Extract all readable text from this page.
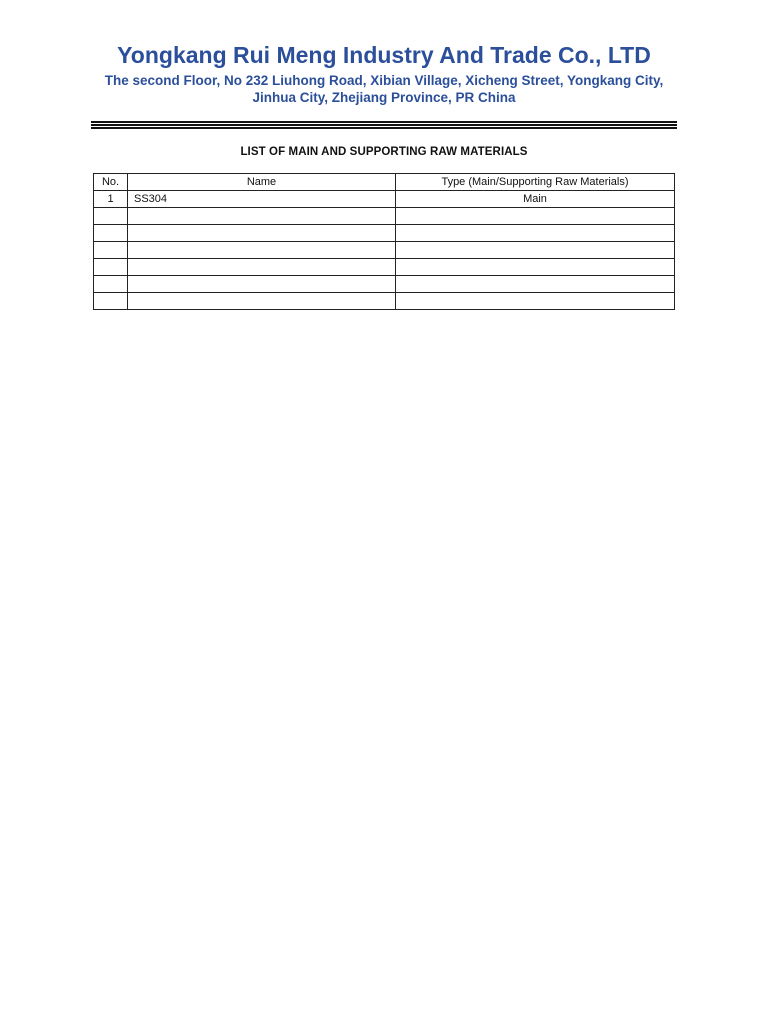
Yongkang Rui Meng Industry And Trade Co., LTD

The second Floor, No 232 Liuhong Road, Xibian Village, Xicheng Street, Yongkang City, Jinhua City, Zhejiang Province, PR China

LIST OF MAIN AND SUPPORTING RAW MATERIALS
No.	Name	Type (Main/Supporting Raw Materials)
1	SS304	Main
